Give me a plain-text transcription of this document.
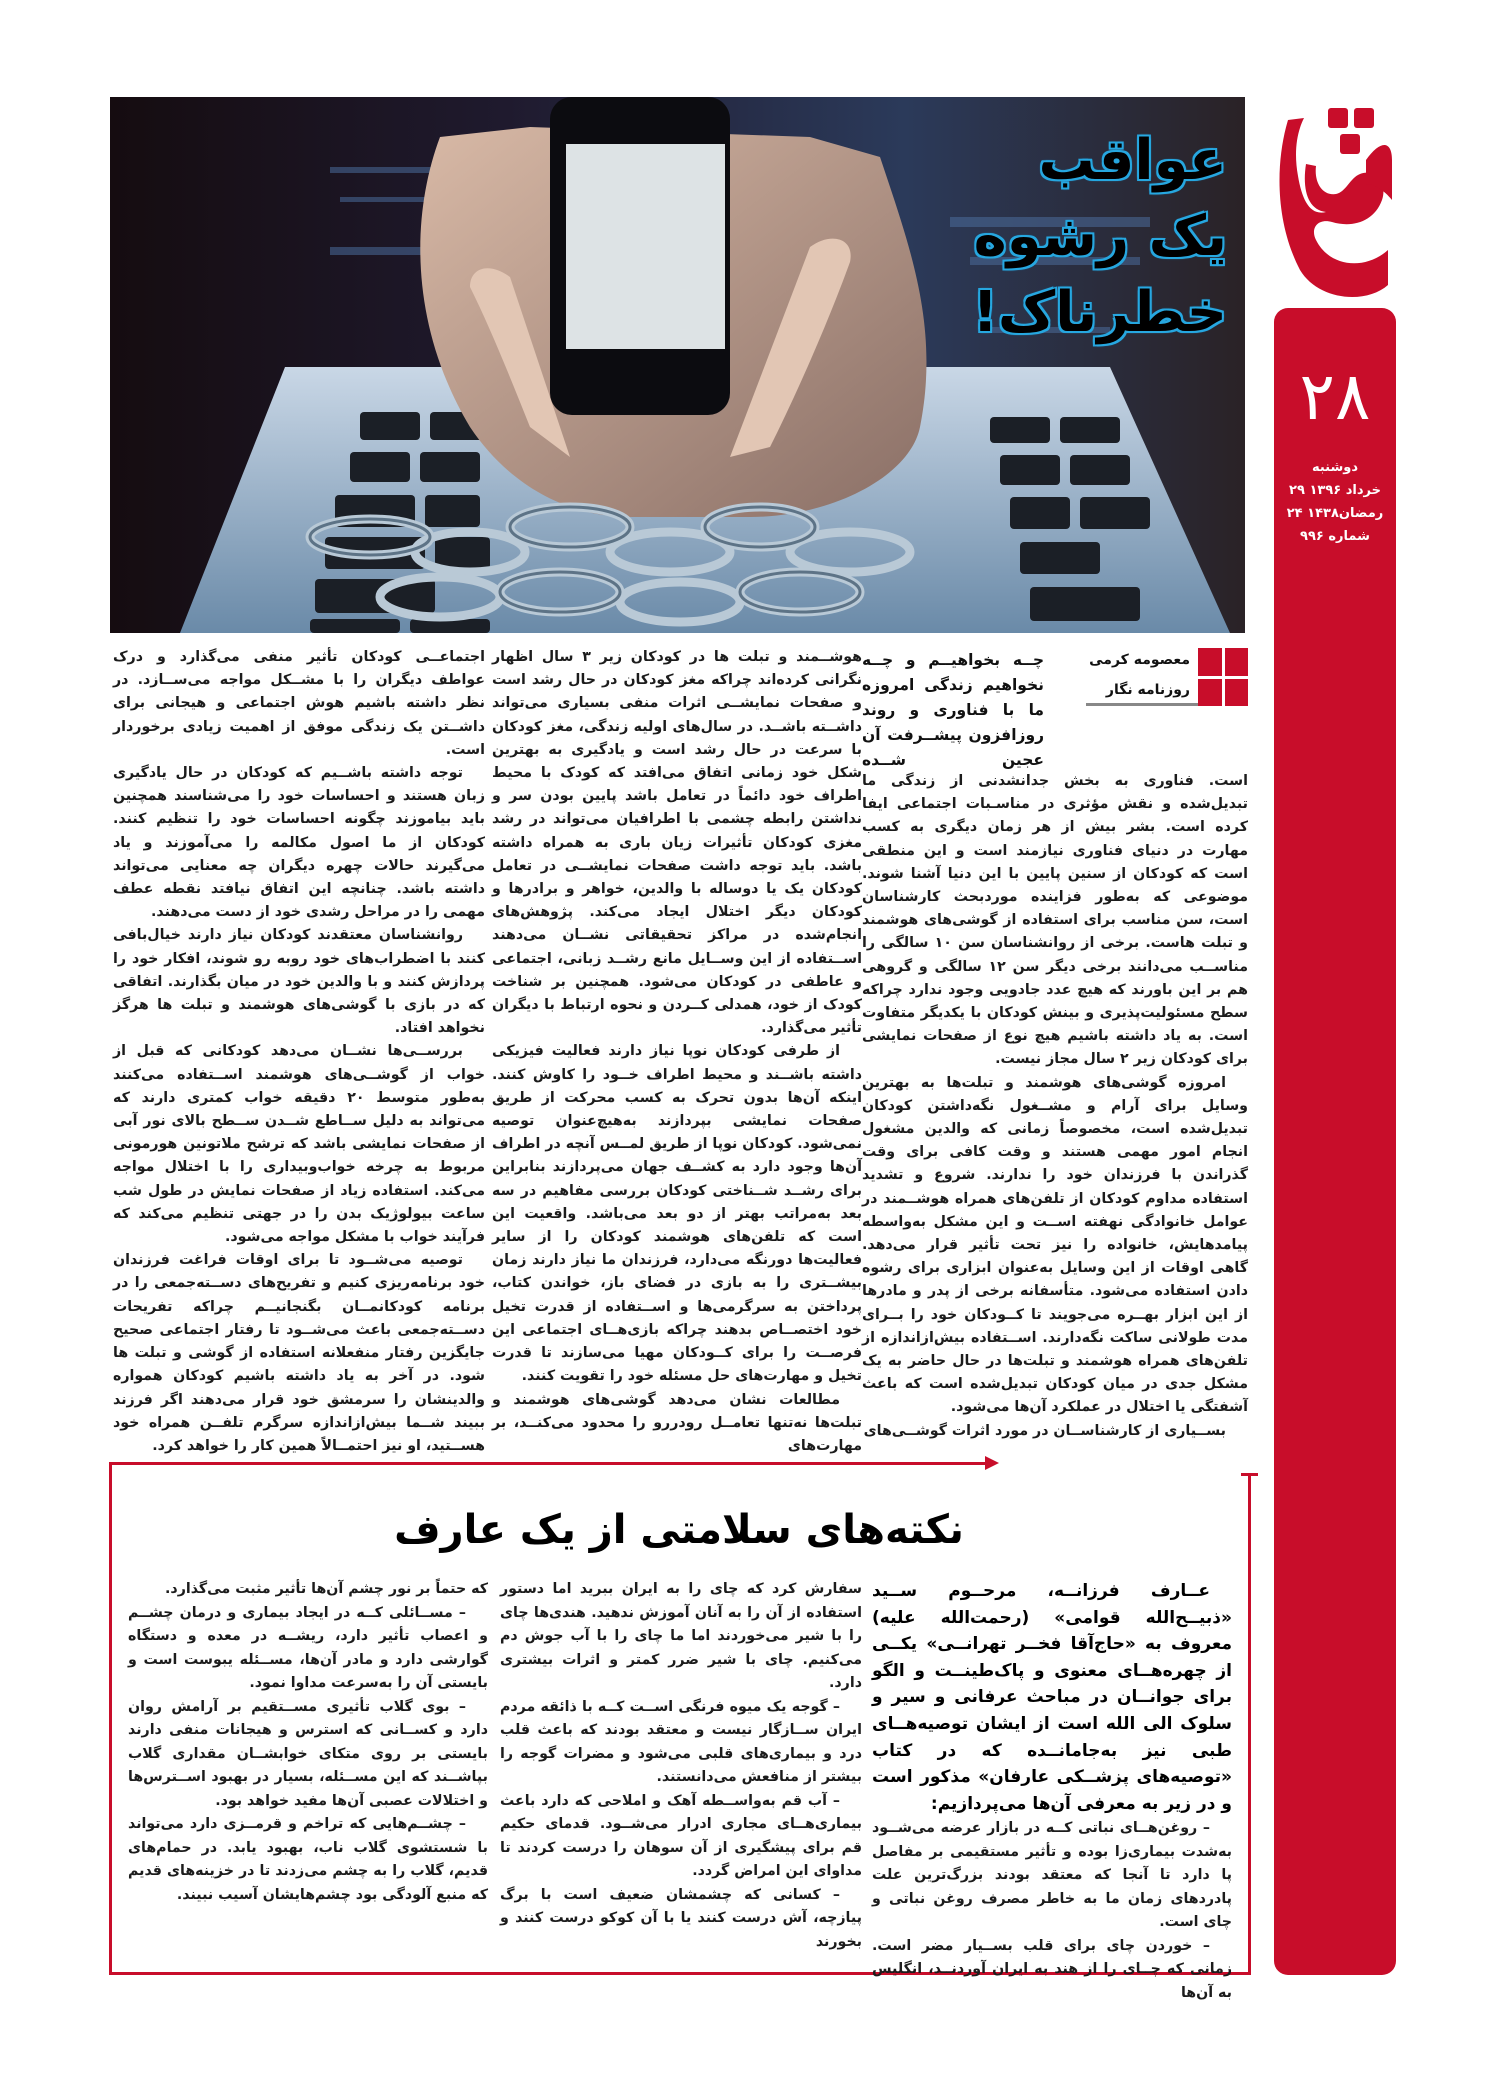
۲۸
دوشنبه
۲۹ خرداد ۱۳۹۶
۲۴ رمضان۱۴۳۸
شماره ۹۹۶
عواقب
یک رشوه
خطرناک!
معصومه کرمی
روزنامه نگار
چــه بخواهیــم و چــه نخواهیم زندگی امروزه ما با فناوری و روند روزافزون پیشــرفت آن عجین شــده

است. فناوری به بخش جدانشدنی از زندگی ما تبدیل‌شده و نقش مؤثری در مناسـبات اجتماعی ایفا کرده است. بشر بیش از هر زمان دیگری به کسب مهارت در دنیای فناوری نیازمند است و این منطقی است که کودکان از سنین پایین با این دنیا آشنا شوند. موضوعی که به‌طور فزاینده موردبحث کارشناسان است، سن مناسب برای استفاده از گوشی‌های هوشمند و تبلت هاست. برخی از روانشناسان سن ۱۰ سالگی را مناســب می‌دانند برخی دیگر سن ۱۲ سالگی و گروهی هم بر این باورند که هیچ عدد جادویی وجود ندارد چراکه سطح مسئولیت‌پذیری و بینش کودکان با یکدیگر متفاوت است. به یاد داشته باشیم هیچ نوع از صفحات نمایشی برای کودکان زیر ۲ سال مجاز نیست.

امروزه گوشی‌های هوشمند و تبلت‌ها به بهترین وسایل برای آرام و مشــغول نگه‌داشتن کودکان تبدیل‌شده است، مخصوصاً زمانی که والدین مشغول انجام امور مهمی هستند و وقت کافی برای وقت گذراندن با فرزندان خود را ندارند. شروع و تشدید استفاده مداوم کودکان از تلفن‌های همراه هوشــمند در عوامل خانوادگی نهفته اســت و این مشکل به‌واسطه پیامدهایش، خانواده را نیز تحت تأثیر قرار می‌دهد. گاهی اوقات از این وسایل به‌عنوان ابزاری برای رشوه دادن استفاده می‌شود. متأسفانه برخی از پدر و مادرها از این ابزار بهــره می‌جویند تا کــودکان خود را بــرای مدت طولانی ساکت نگه‌دارند. اســتفاده بیش‌ازاندازه از تلفن‌های همراه هوشمند و تبلت‌ها در حال حاضر به یک مشکل جدی در میان کودکان تبدیل‌شده است که باعث آشفتگی یا اختلال در عملکرد آن‌ها می‌شود.

بســیاری از کارشناســان در مورد اثرات گوشــی‌های

هوشــمند و تبلت ها در کودکان زیر ۳ سال اظهار نگرانی کرده‌اند چراکه مغز کودکان در حال رشد است و صفحات نمایشــی اثرات منفی بسیاری می‌تواند داشــته باشــد. در سال‌های اولیه زندگی، مغز کودکان با سرعت در حال رشد است و یادگیری به بهترین شکل خود زمانی اتفاق می‌افتد که کودک با محیط اطراف خود دائماً در تعامل باشد پایین بودن سر و نداشتن رابطه چشمی با اطرافیان می‌تواند در رشد مغزی کودکان تأثیرات زیان باری به همراه داشته باشد. باید توجه داشت صفحات نمایشــی در تعامل کودکان یک یا دوساله با والدین، خواهر و برادرها و کودکان دیگر اختلال ایجاد می‌کند. پژوهش‌های انجام‌شده در مراکز تحقیقاتی نشــان می‌دهند اســتفاده از این وســایل مانع رشــد زبانی، اجتماعی و عاطفی در کودکان می‌شود. همچنین بر شناخت کودک از خود، همدلی کــردن و نحوه ارتباط با دیگران تأثیر می‌گذارد.

از طرفی کودکان نوپا نیاز دارند فعالیت فیزیکی داشته باشــند و محیط اطراف خــود را کاوش کنند. اینکه آن‌ها بدون تحرک به کسب محرکت از طریق صفحات نمایشی بپردازند به‌هیچ‌عنوان توصیه نمی‌شود. کودکان نوپا از طریق لمــس آنچه در اطراف آن‌ها وجود دارد به کشــف جهان می‌پردازند بنابراین برای رشــد شــناختی کودکان بررسی مفاهیم در سه بعد به‌مراتب بهتر از دو بعد می‌باشد. واقعیت این است که تلفن‌های هوشمند کودکان را از سایر فعالیت‌ها دورنگه می‌دارد، فرزندان ما نیاز دارند زمان بیشــتری را به بازی در فضای باز، خواندن کتاب، پرداختن به سرگرمی‌ها و اســتفاده از قدرت تخیل خود اختصــاص بدهند چراکه بازی‌هــای اجتماعی این فرصــت را برای کــودکان مهیا می‌سازند تا قدرت تخیل و مهارت‌های حل مسئله خود را تقویت کنند.

مطالعات نشان می‌دهد گوشی‌های هوشمند و تبلت‌ها نه‌تنها تعامــل رودررو را محدود می‌کنــد، بر مهارت‌های

اجتماعــی کودکان تأثیر منفی می‌گذارد و درک عواطف دیگران را با مشــکل مواجه می‌ســازد. در نظر داشته باشیم هوش اجتماعی و هیجانی برای داشــتن یک زندگی موفق از اهمیت زیادی برخوردار است.

توجه داشته باشــیم که کودکان در حال یادگیری زبان هستند و احساسات خود را می‌شناسند همچنین باید بیاموزند چگونه احساسات خود را تنظیم کنند. کودکان از ما اصول مکالمه را می‌آموزند و یاد می‌گیرند حالات چهره دیگران چه معنایی می‌تواند داشته باشد. چنانچه این اتفاق نیافتد نقطه عطف مهمی را در مراحل رشدی خود از دست می‌دهند.

روانشناسان معتقدند کودکان نیاز دارند خیال‌بافی کنند با اضطراب‌های خود روبه رو شوند، افکار خود را پردازش کنند و با والدین خود در میان بگذارند. اتفاقی که در بازی با گوشی‌های هوشمند و تبلت ها هرگز نخواهد افتاد.

بررســی‌ها نشــان می‌دهد کودکانی که قبل از خواب از گوشــی‌های هوشمند اســتفاده می‌کنند به‌طور متوسط ۲۰ دقیقه خواب کمتری دارند که می‌تواند به دلیل ســاطع شــدن ســطح بالای نور آبی از صفحات نمایشی باشد که ترشح ملاتونین هورمونی مربوط به چرخه خواب‌وبیداری را با اختلال مواجه می‌کند. استفاده زیاد از صفحات نمایش در طول شب ساعت بیولوژیک بدن را در جهتی تنظیم می‌کند که فرآیند خواب با مشکل مواجه می‌شود.

توصیه می‌شــود تا برای اوقات فراغت فرزندان خود برنامه‌ریزی کنیم و تفریح‌های دســته‌جمعی را در برنامه کودکانمــان بگنجانیــم چراکه تفریحات دســته‌جمعی باعث می‌شــود تا رفتار اجتماعی صحیح جایگزین رفتار منفعلانه استفاده از گوشی و تبلت ها شود. در آخر به یاد داشته باشیم کودکان همواره والدینشان را سرمشق خود قرار می‌دهند اگر فرزند ببیند شــما بیش‌ازاندازه سرگرم تلفــن همراه خود هســتید، او نیز احتمــالاً همین کار را خواهد کرد.

نکته‌های سلامتی از یک عارف

عــارف فرزانــه، مرحــوم ســید «ذبیــح‌الله قوامی» (رحمت‌الله علیه) معروف به «حاج‌آقا فخــر تهرانــی» یکــی از چهره‌هــای معنوی و پاک‌طینــت و الگو برای جوانــان در مباحث عرفانی و سیر و سلوک الی الله است از ایشان توصیه‌هــای طبی نیز به‌جامانــده که در کتاب «توصیه‌های پزشــکی عارفان» مذکور است و در زیر به معرفی آن‌ها می‌پردازیم:

– روغن‌هــای نباتی کــه در بازار عرضه می‌شــود به‌شدت بیماری‌زا بوده و تأثیر مستقیمی بر مفاصل پا دارد تا آنجا که معتقد بودند بزرگ‌ترین علت پادردهای زمان ما به خاطر مصرف روغن نباتی و چای است.

– خوردن چای برای قلب بســیار مضر است. زمانی که چــای را از هند به ایران آوردنــد، انگلیس به آن‌ها

سفارش کرد که چای را به ایران ببرید اما دستور استفاده از آن را به آنان آموزش ندهید. هندی‌ها چای را با شیر می‌خوردند اما ما چای را با آب جوش دم می‌کنیم. چای با شیر ضرر کمتر و اثرات بیشتری دارد.

– گوجه یک میوه فرنگی اســت کــه با ذائقه مردم ایران ســازگار نیست و معتقد بودند که باعث قلب درد و بیماری‌های قلبی می‌شود و مضرات گوجه را بیشتر از منافعش می‌دانستند.

– آب قم به‌واســطه آهک و املاحی که دارد باعث بیماری‌هــای مجاری ادرار می‌شــود. قدمای حکیم قم برای پیشگیری از آن سوهان را درست کردند تا مداوای این امراض گردد.

– کسانی که چشمشان ضعیف است با برگ پیازچه، آش درست کنند یا با آن کوکو درست کنند و بخورند

که حتماً بر نور چشم آن‌ها تأثیر مثبت می‌گذارد.

– مســائلی کــه در ایجاد بیماری و درمان چشــم و اعصاب تأثیر دارد، ریشــه در معده و دستگاه گوارشی دارد و مادر آن‌ها، مســئله یبوست است و بایستی آن را به‌سرعت مداوا نمود.

– بوی گلاب تأثیری مســتقیم بر آرامش روان دارد و کســانی که استرس و هیجانات منفی دارند بایستی بر روی متکای خوابشــان مقداری گلاب بپاشــند که این مســئله، بسیار در بهبود اســترس‌ها و اختلالات عصبی آن‌ها مفید خواهد بود.

– چشــم‌هایی که تراخم و قرمــزی دارد می‌تواند با شستشوی گلاب ناب، بهبود یابد. در حمام‌های قدیم، گلاب را به چشم می‌زدند تا در خزینه‌های قدیم که منبع آلودگی بود چشم‌هایشان آسیب نبیند.
